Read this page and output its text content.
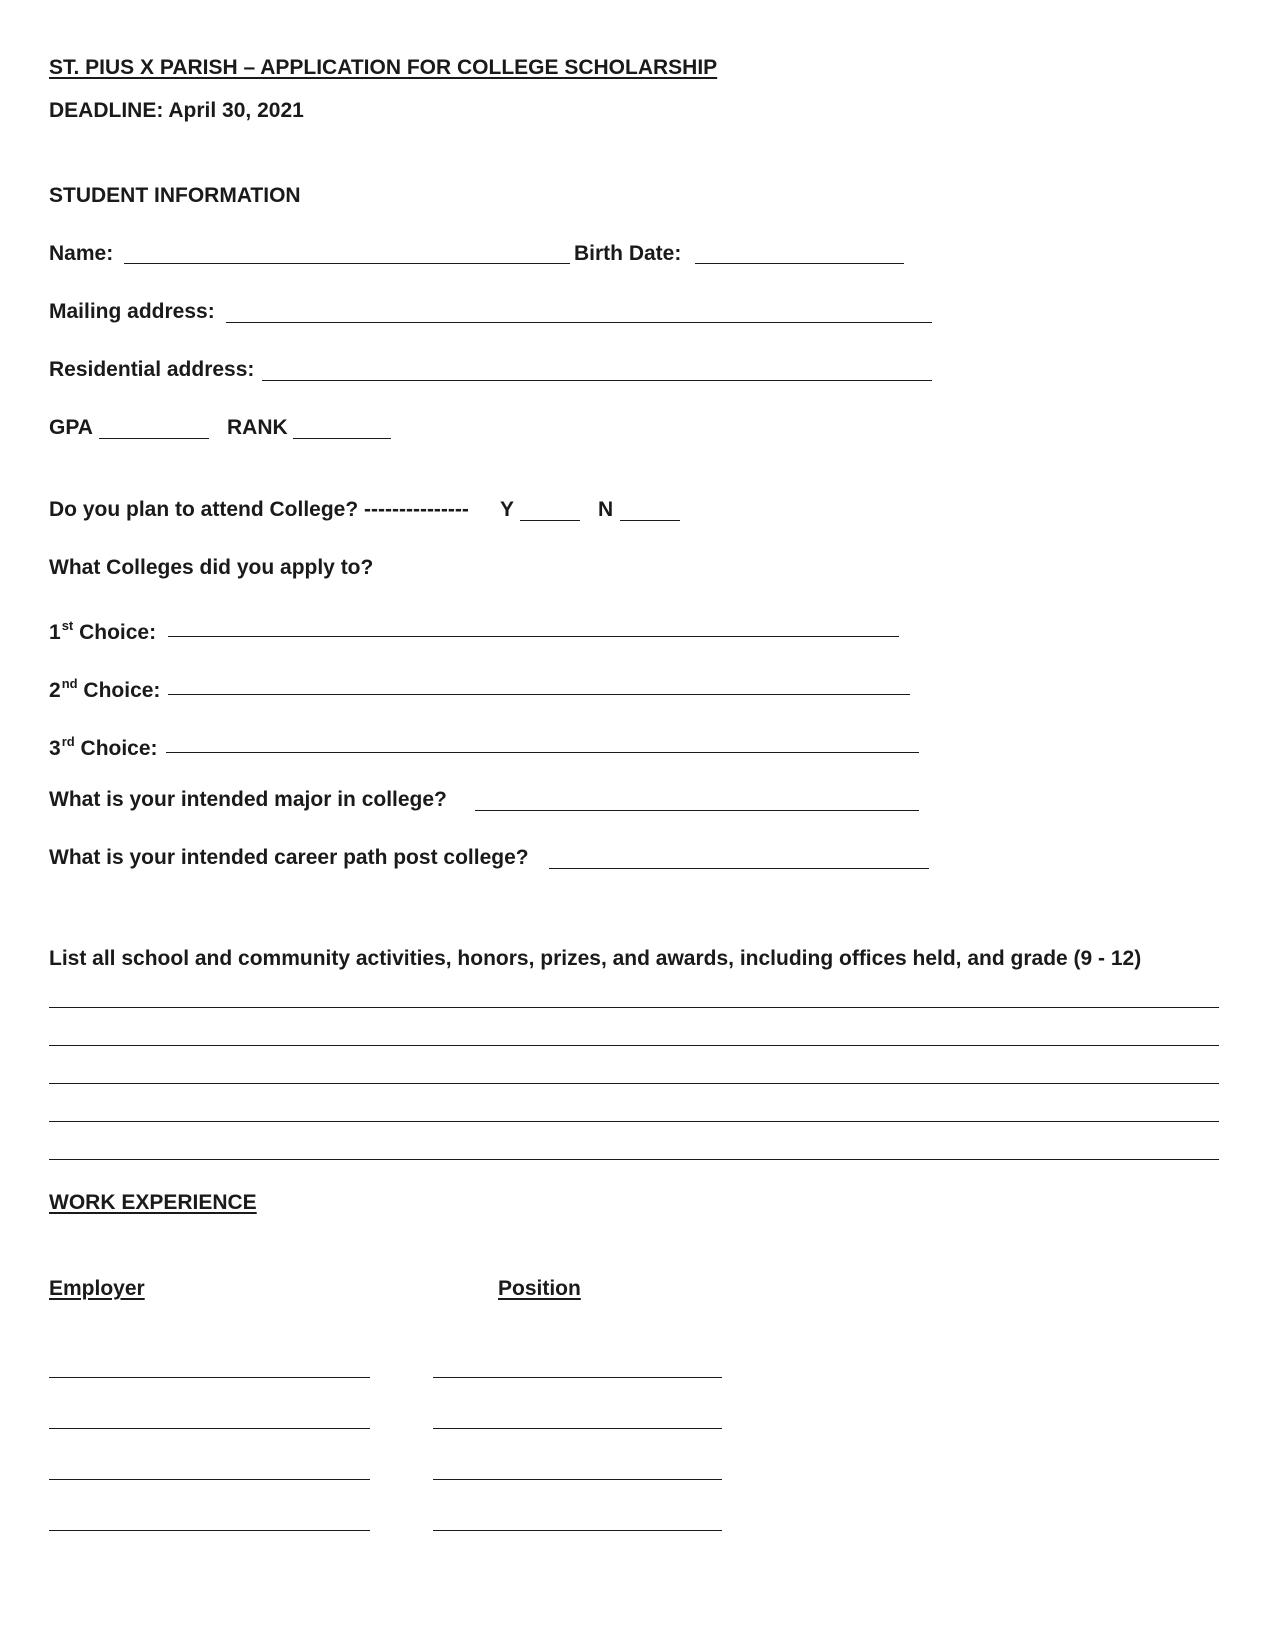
ST. PIUS X PARISH – APPLICATION FOR COLLEGE SCHOLARSHIP
DEADLINE: April 30, 2021
STUDENT INFORMATION
Name:	Birth Date:
Mailing address:
Residential address:
GPA	RANK
Do you plan to attend College? --------------- Y	N
What Colleges did you apply to?
1st Choice:
2nd Choice:
3rd Choice:
What is your intended major in college?
What is your intended career path post college?
List all school and community activities, honors, prizes, and awards, including offices held, and grade (9 - 12)
WORK EXPERIENCE
Employer	Position
